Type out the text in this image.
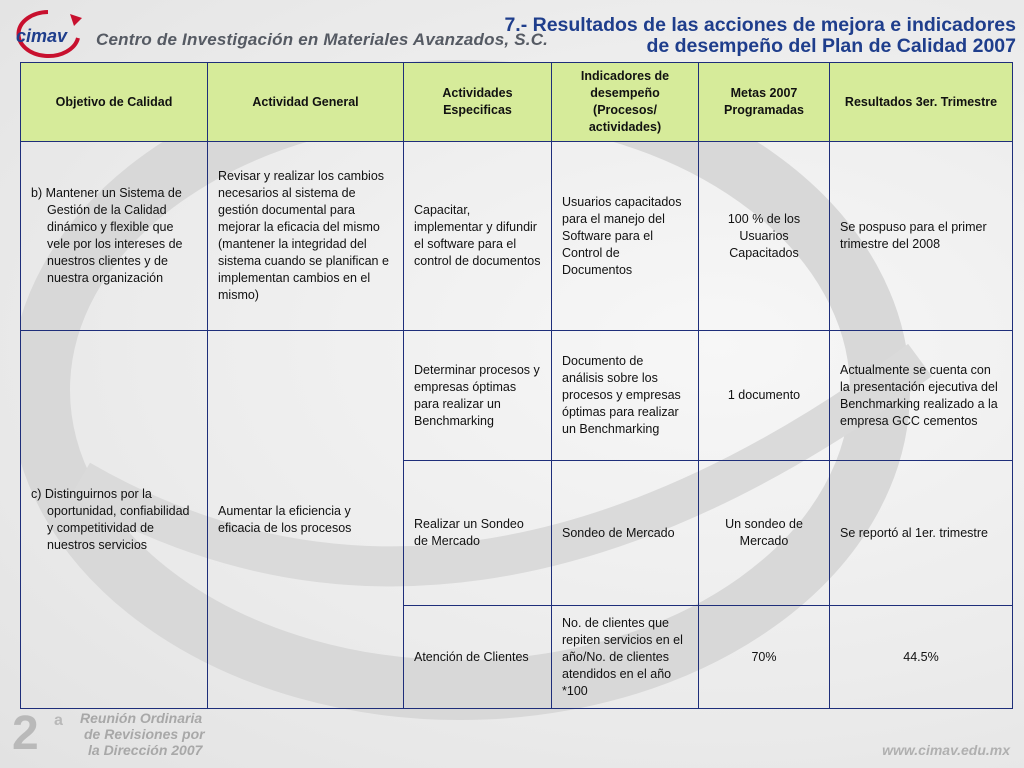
cimav Centro de Investigación en Materiales Avanzados, S.C.
7.- Resultados de las acciones de mejora e indicadores
de desempeño del Plan de Calidad 2007
Objetivo de Calidad	Actividad General	Actividades Especificas	Indicadores de desempeño (Procesos/ actividades)	Metas 2007 Programadas	Resultados 3er. Trimestre

b) Mantener un Sistema de Gestión de la Calidad dinámico y flexible que vele por los intereses de nuestros clientes y de nuestra organización	Revisar y realizar los cambios necesarios al sistema de gestión documental para mejorar la eficacia del mismo (mantener la integridad del sistema cuando se planifican e implementan cambios en el mismo)	Capacitar, implementar y difundir el software para el control de documentos	Usuarios capacitados para el manejo del Software para el Control de Documentos	100 % de los Usuarios Capacitados	Se pospuso para el primer trimestre del 2008

c) Distinguirnos por la oportunidad, confiabilidad y competitividad de nuestros servicios	Aumentar la eficiencia y eficacia de los procesos	Determinar procesos y empresas óptimas para realizar un Benchmarking	Documento de análisis sobre los procesos y empresas óptimas para realizar un Benchmarking	1 documento	Actualmente se cuenta con la presentación ejecutiva del Benchmarking realizado a la empresa GCC cementos
		Realizar un Sondeo de Mercado	Sondeo de Mercado	Un sondeo de Mercado	Se reportó al 1er. trimestre
		Atención de Clientes	No. de clientes que repiten servicios en el año/No. de clientes atendidos en el año *100	70%	44.5%
2 a Reunión Ordinaria
de Revisiones por
la Dirección 2007	www.cimav.edu.mx
